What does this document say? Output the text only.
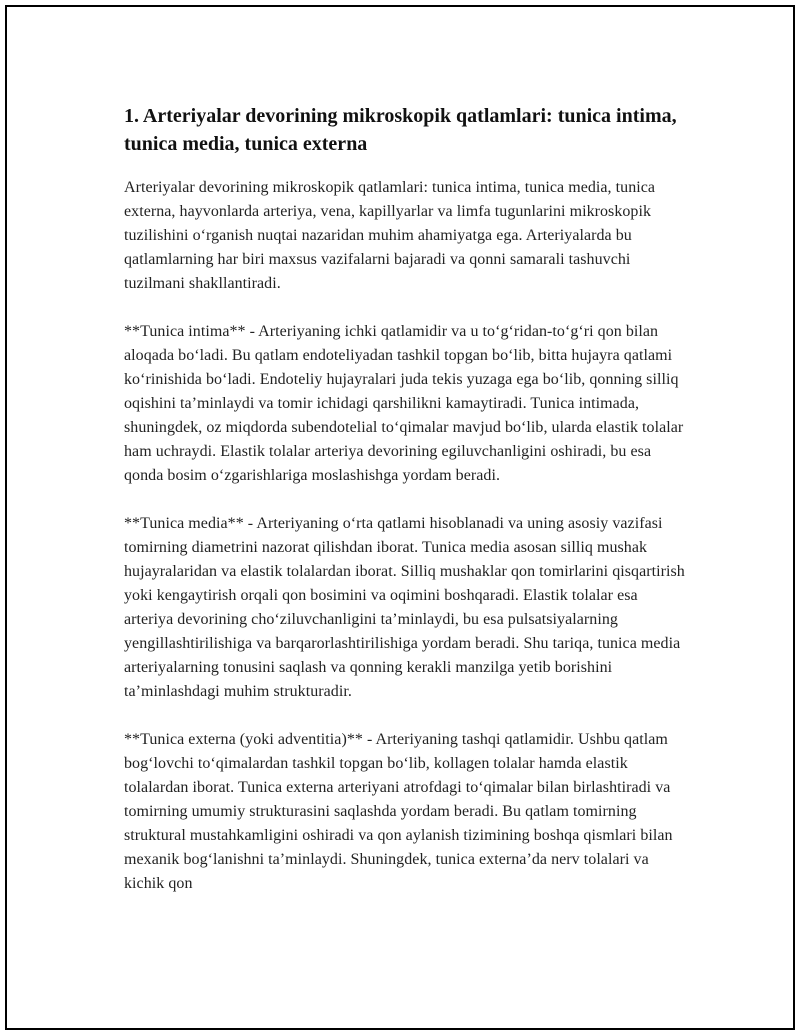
1. Arteriyalar devorining mikroskopik qatlamlari: tunica intima, tunica media, tunica externa

Arteriyalar devorining mikroskopik qatlamlari: tunica intima, tunica media, tunica externa, hayvonlarda arteriya, vena, kapillyarlar va limfa tugunlarini mikroskopik tuzilishini oʻrganish nuqtai nazaridan muhim ahamiyatga ega. Arteriyalarda bu qatlamlarning har biri maxsus vazifalarni bajaradi va qonni samarali tashuvchi tuzilmani shakllantiradi.

**Tunica intima** - Arteriyaning ichki qatlamidir va u toʻgʻridan-toʻgʻri qon bilan aloqada boʻladi. Bu qatlam endoteliyadan tashkil topgan boʻlib, bitta hujayra qatlami koʻrinishida boʻladi. Endoteliy hujayralari juda tekis yuzaga ega boʻlib, qonning silliq oqishini taʼminlaydi va tomir ichidagi qarshilikni kamaytiradi. Tunica intimada, shuningdek, oz miqdorda subendotelial toʻqimalar mavjud boʻlib, ularda elastik tolalar ham uchraydi. Elastik tolalar arteriya devorining egiluvchanligini oshiradi, bu esa qonda bosim oʻzgarishlariga moslashishga yordam beradi.

**Tunica media** - Arteriyaning oʻrta qatlami hisoblanadi va uning asosiy vazifasi tomirning diametrini nazorat qilishdan iborat. Tunica media asosan silliq mushak hujayralaridan va elastik tolalardan iborat. Silliq mushaklar qon tomirlarini qisqartirish yoki kengaytirish orqali qon bosimini va oqimini boshqaradi. Elastik tolalar esa arteriya devorining choʻziluvchanligini taʼminlaydi, bu esa pulsatsiyalarning yengillashtirilishiga va barqarorlashtirilishiga yordam beradi. Shu tariqa, tunica media arteriyalarning tonusini saqlash va qonning kerakli manzilga yetib borishini taʼminlashdagi muhim strukturadir.

**Tunica externa (yoki adventitia)** - Arteriyaning tashqi qatlamidir. Ushbu qatlam bogʻlovchi toʻqimalardan tashkil topgan boʻlib, kollagen tolalar hamda elastik tolalardan iborat. Tunica externa arteriyani atrofdagi toʻqimalar bilan birlashtiradi va tomirning umumiy strukturasini saqlashda yordam beradi. Bu qatlam tomirning struktural mustahkamligini oshiradi va qon aylanish tizimining boshqa qismlari bilan mexanik bogʻlanishni taʼminlaydi. Shuningdek, tunica externaʼda nerv tolalari va kichik qon
